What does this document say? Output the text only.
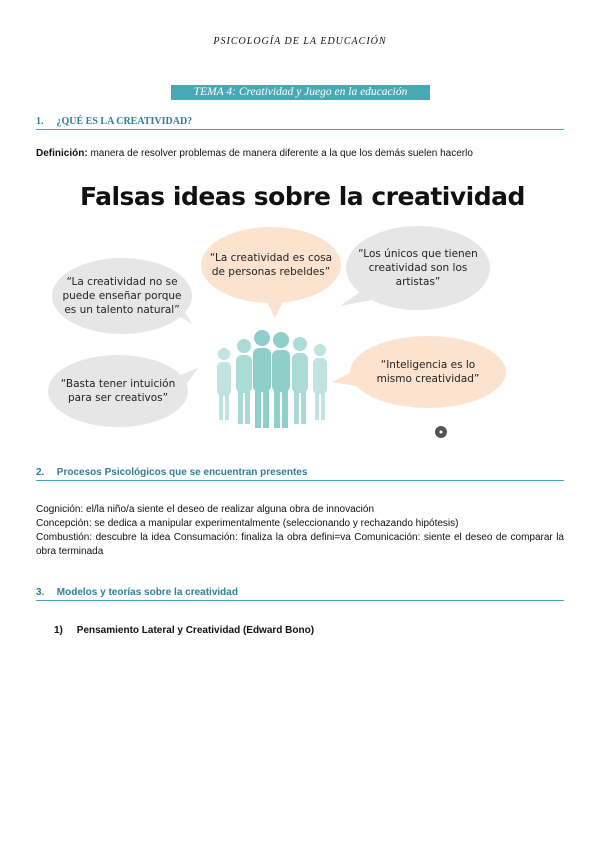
PSICOLOGÍA DE LA EDUCACIÓN
TEMA 4: Creatividad y Juego en la educación
1. ¿QUÉ ES LA CREATIVIDAD?
Definición: manera de resolver problemas de manera diferente a la que los demás suelen hacerlo
Falsas ideas sobre la creatividad
“La creatividad no se
puede enseñar porque
es un talento natural”
“La creatividad es cosa
de personas rebeldes”
“Los únicos que tienen
creatividad son los
artistas”
“Basta tener intuición
para ser creativos”
“Inteligencia es lo
mismo creatividad”
2. Procesos Psicológicos que se encuentran presentes
Cognición: el/la niño/a siente el deseo de realizar alguna obra de innovación
Concepción: se dedica a manipular experimentalmente (seleccionando y rechazando hipótesis)
Combustión: descubre la idea Consumación: finaliza la obra defini=va Comunicación: siente el deseo de comparar la obra terminada
3. Modelos y teorías sobre la creatividad
1) Pensamiento Lateral y Creatividad (Edward Bono)
